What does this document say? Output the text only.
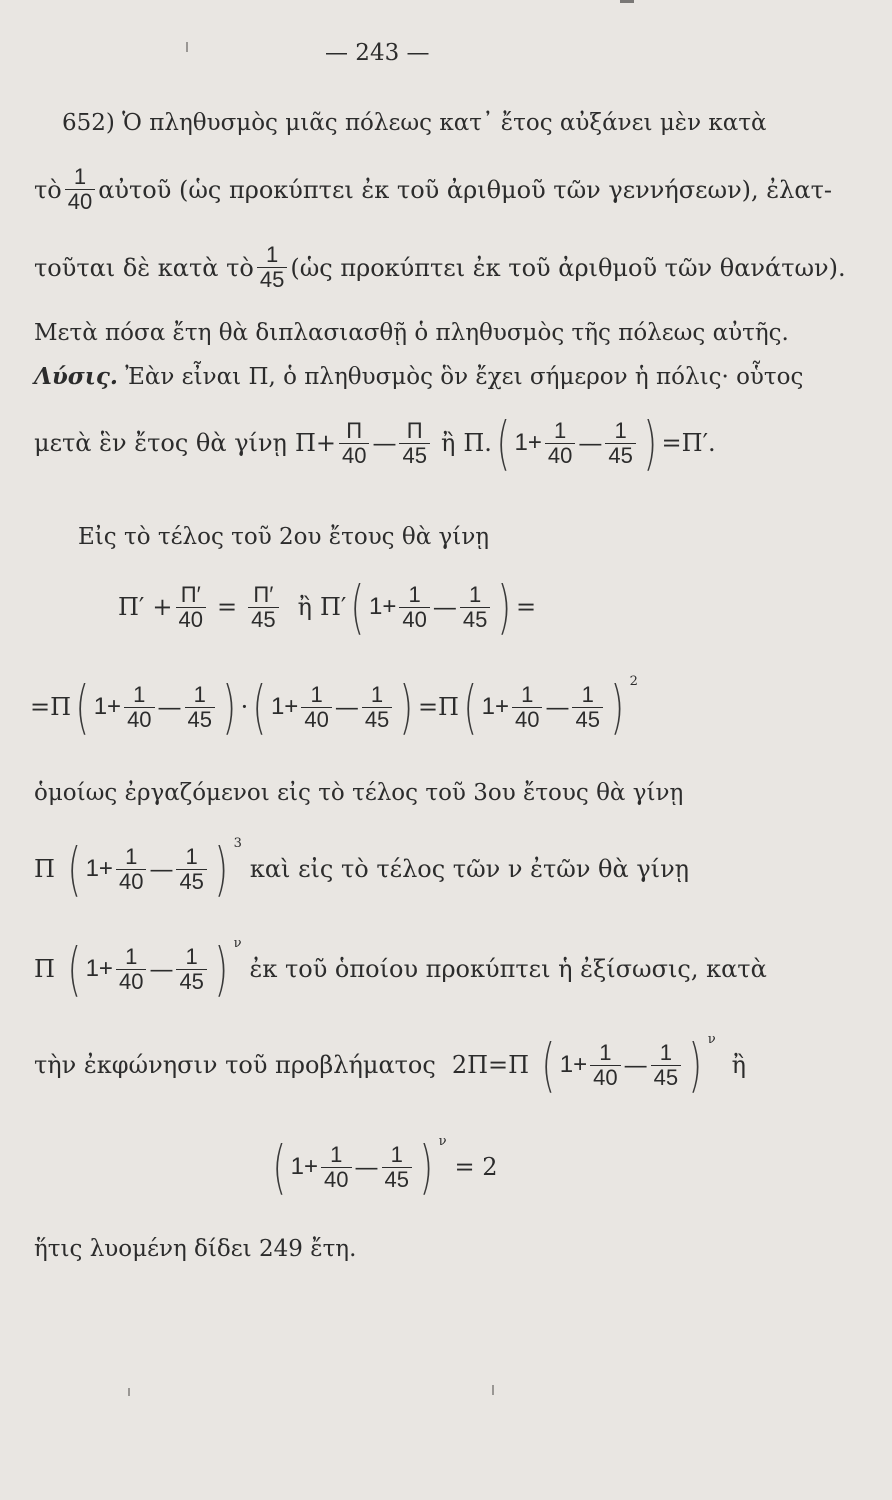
— 243 —
652) Ὁ πληθυσμὸς μιᾶς πόλεως κατ᾿ ἔτος αὐξάνει μὲν κατὰ
τὸ $\frac{1}{40}$ αὐτοῦ (ὡς προκύπτει ἐκ τοῦ ἀριθμοῦ τῶν γεννήσεων), ἐλατ-
τοῦται δὲ κατὰ τὸ $\frac{1}{45}$ (ὡς προκύπτει ἐκ τοῦ ἀριθμοῦ τῶν θανάτων).
Μετὰ πόσα ἔτη θὰ διπλασιασθῇ ὁ πληθυσμὸς τῆς πόλεως αὐτῆς.
Λύσις. Ἐὰν εἶναι Π, ὁ πληθυσμὸς ὃν ἔχει σήμερον ἡ πόλις· οὗτος
μετὰ ἓν ἔτος θὰ γίνῃ $\Pi + \frac{\Pi}{40}$ — $\frac{\Pi}{45}$ ἢ Π. ( $1+ \frac{1}{40}$ — $\frac{1}{45}$ ) = Π′.
Εἰς τὸ τέλος τοῦ 2ου ἔτους θὰ γίνῃ
$\Pi' + \frac{\Pi'}{40} = \frac{\Pi'}{45}$ ἢ Π′ ( $1+ \frac{1}{40}$ — $\frac{1}{45}$ ) =
=Π ( $1+ \frac{1}{40}$ — $\frac{1}{45}$ ) · ( $1+ \frac{1}{40}$ — $\frac{1}{45}$ ) =Π ( $1+ \frac{1}{40}$ — $\frac{1}{45}$ ) 2
ὁμοίως ἐργαζόμενοι εἰς τὸ τέλος τοῦ 3ου ἔτους θὰ γίνῃ
Π ( $1+ \frac{1}{40}$ — $\frac{1}{45}$ ) 3
καὶ εἰς τὸ τέλος τῶν ν ἐτῶν θὰ γίνῃ
Π ( $1+ \frac{1}{40}$ — $\frac{1}{45}$ ) ν
ἐκ τοῦ ὁποίου προκύπτει ἡ ἐξίσωσις, κατὰ
τὴν ἐκφώνησιν τοῦ προβλήματος 2Π=Π ( $1+ \frac{1}{40}$ — $\frac{1}{45}$ ) ν
ἢ
( $1+ \frac{1}{40}$ — $\frac{1}{45}$ ) ν
= 2
ἥτις λυομένη δίδει 249 ἔτη.
